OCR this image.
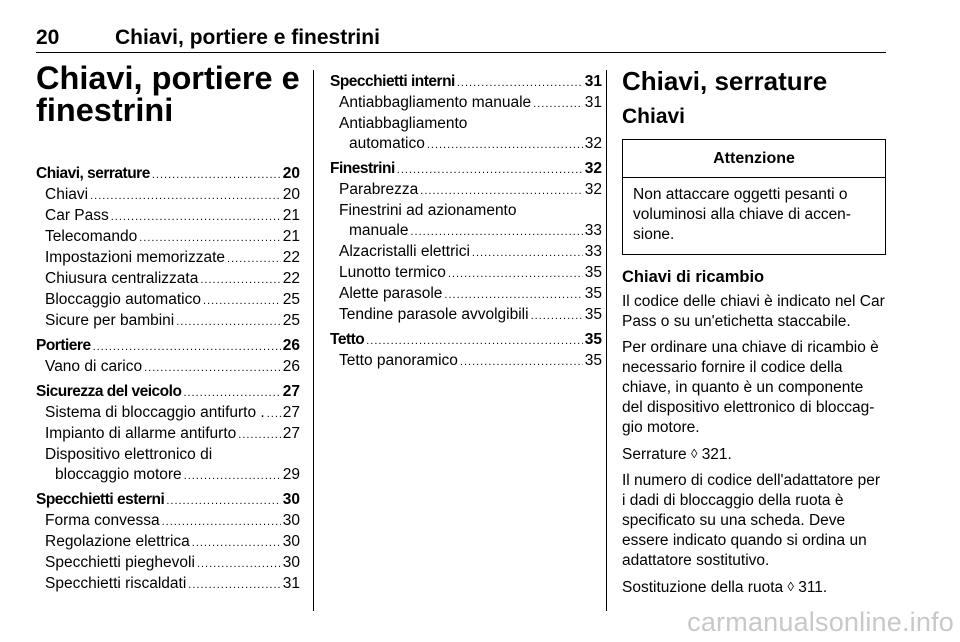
20	Chiavi, portiere e finestrini
Chiavi, portiere e
finestrini
Chiavi, serrature .....	20
Chiavi .....	20
Car Pass .....	21
Telecomando .....	21
Impostazioni memorizzate .....	22
Chiusura centralizzata .....	22
Bloccaggio automatico .....	25
Sicure per bambini .....	25
Portiere .....	26
Vano di carico .....	26
Sicurezza del veicolo .....	27
Sistema di bloccaggio antifurto . ..... 27
Impianto di allarme antifurto .....	27
Dispositivo elettronico di
bloccaggio motore .....	29
Specchietti esterni .....	30
Forma convessa .....	30
Regolazione elettrica .....	30
Specchietti pieghevoli .....	30
Specchietti riscaldati .....	31
Specchietti interni .....	31
Antiabbagliamento manuale .....	31
Antiabbagliamento
automatico .....	32
Finestrini .....	32
Parabrezza .....	32
Finestrini ad azionamento
manuale .....	33
Alzacristalli elettrici .....	33
Lunotto termico .....	35
Alette parasole .....	35
Tendine parasole avvolgibili .....	35
Tetto .....	35
Tetto panoramico .....	35
Chiavi, serrature
Chiavi
Attenzione
Non attaccare oggetti pesanti o voluminosi alla chiave di accen-sione.
Chiavi di ricambio
Il codice delle chiavi è indicato nel Car Pass o su un'etichetta staccabile.
Per ordinare una chiave di ricambio è necessario fornire il codice della chiave, in quanto è un componente del dispositivo elettronico di bloccag-gio motore.
Serrature ◊ 321.
Il numero di codice dell'adattatore per i dadi di bloccaggio della ruota è specificato su una scheda. Deve essere indicato quando si ordina un adattatore sostitutivo.
Sostituzione della ruota ◊ 311.
carmanualsonline.info
